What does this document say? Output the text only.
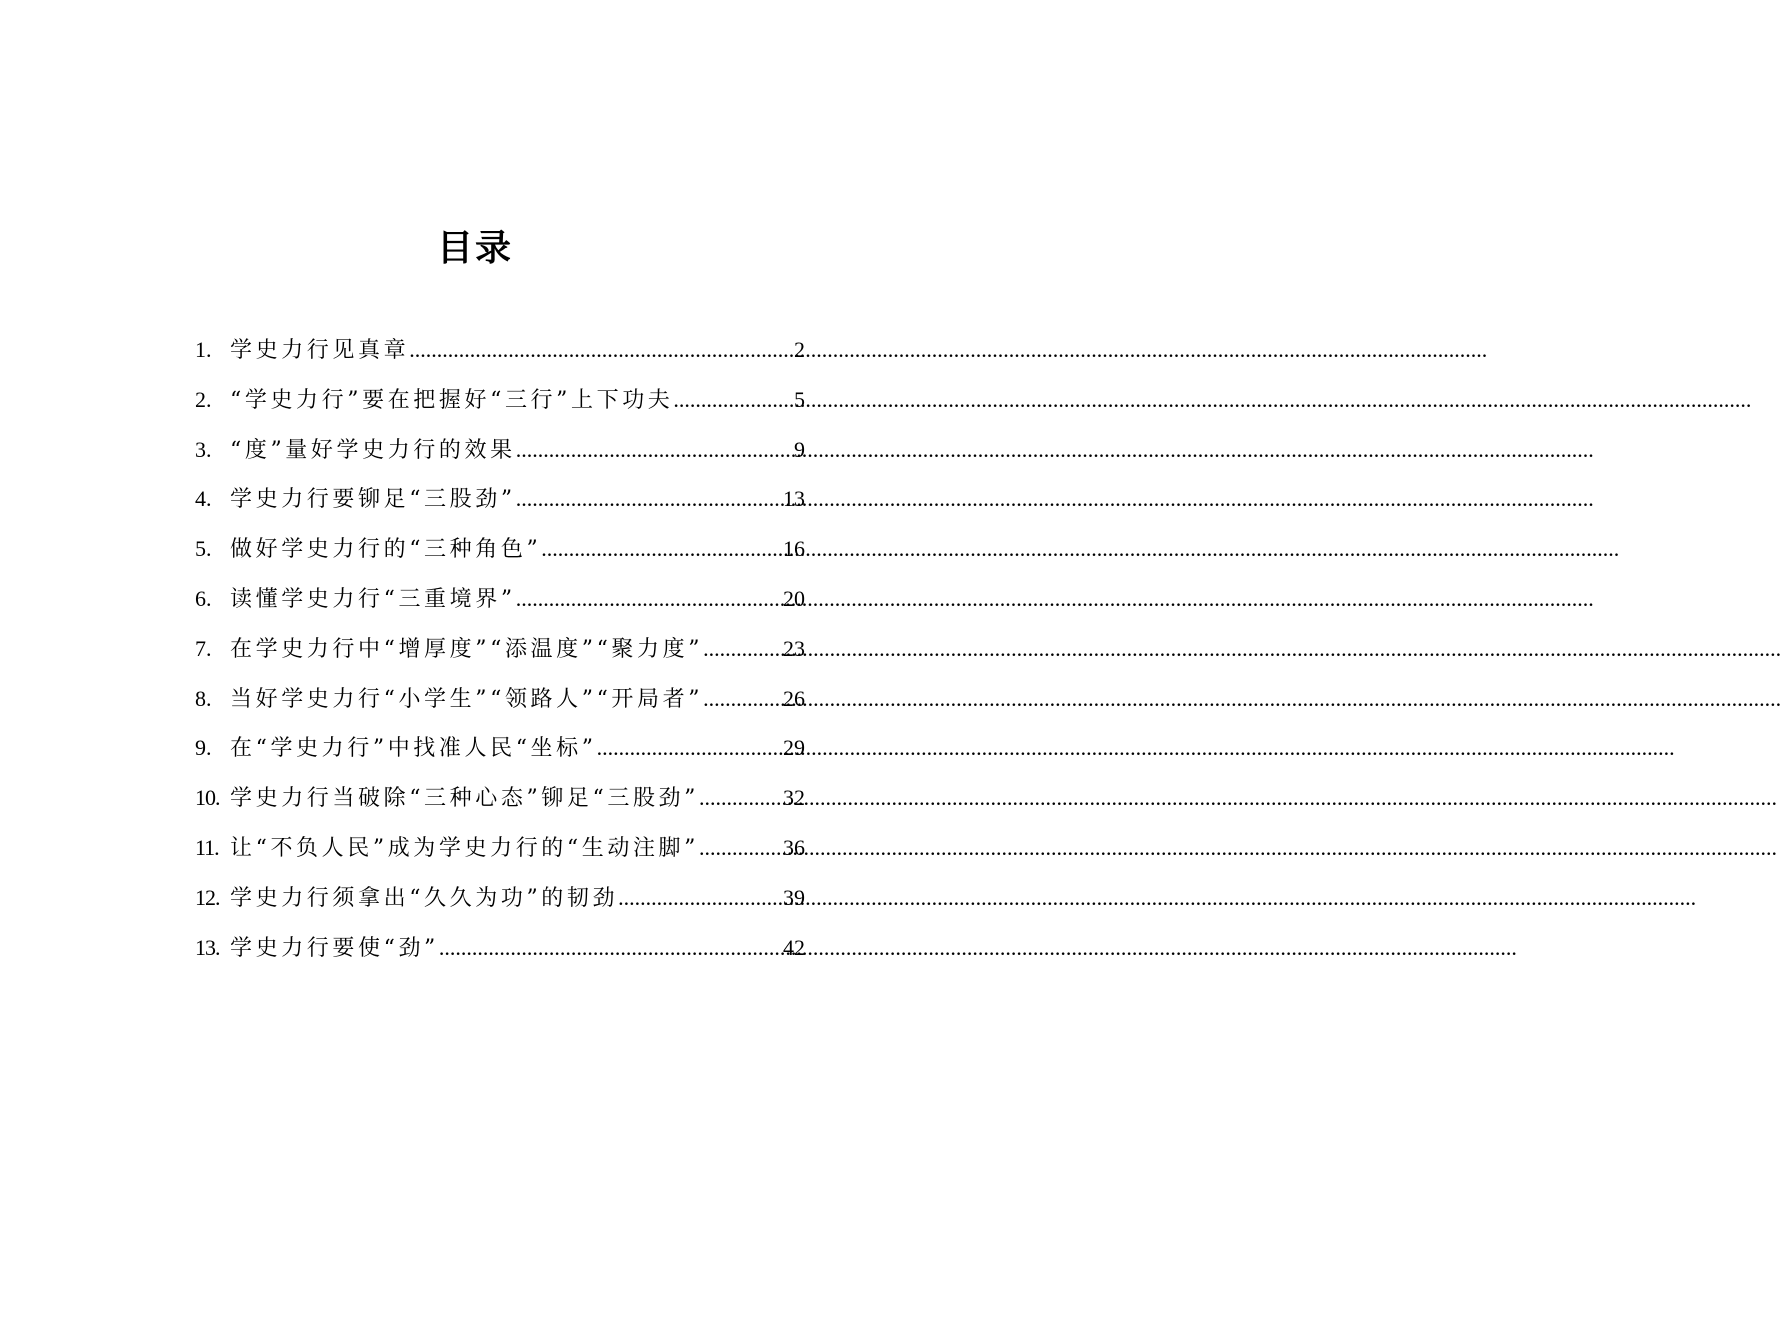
目录
1. 学史力行见真章 .....	2
2. “学史力行”要在把握好“三行”上下功夫 .....	5
3. “度”量好学史力行的效果 .....	9
4. 学史力行要铆足“三股劲” .....	13
5. 做好学史力行的“三种角色” .....	16
6. 读懂学史力行“三重境界” .....	20
7. 在学史力行中“增厚度”“添温度”“聚力度” .....	23
8. 当好学史力行“小学生”“领路人”“开局者” .....	26
9. 在“学史力行”中找准人民“坐标” .....	29
10. 学史力行当破除“三种心态”铆足“三股劲” .....	32
11. 让“不负人民”成为学史力行的“生动注脚” .....	36
12. 学史力行须拿出“久久为功”的韧劲 .....	39
13. 学史力行要使“劲” .....	42
